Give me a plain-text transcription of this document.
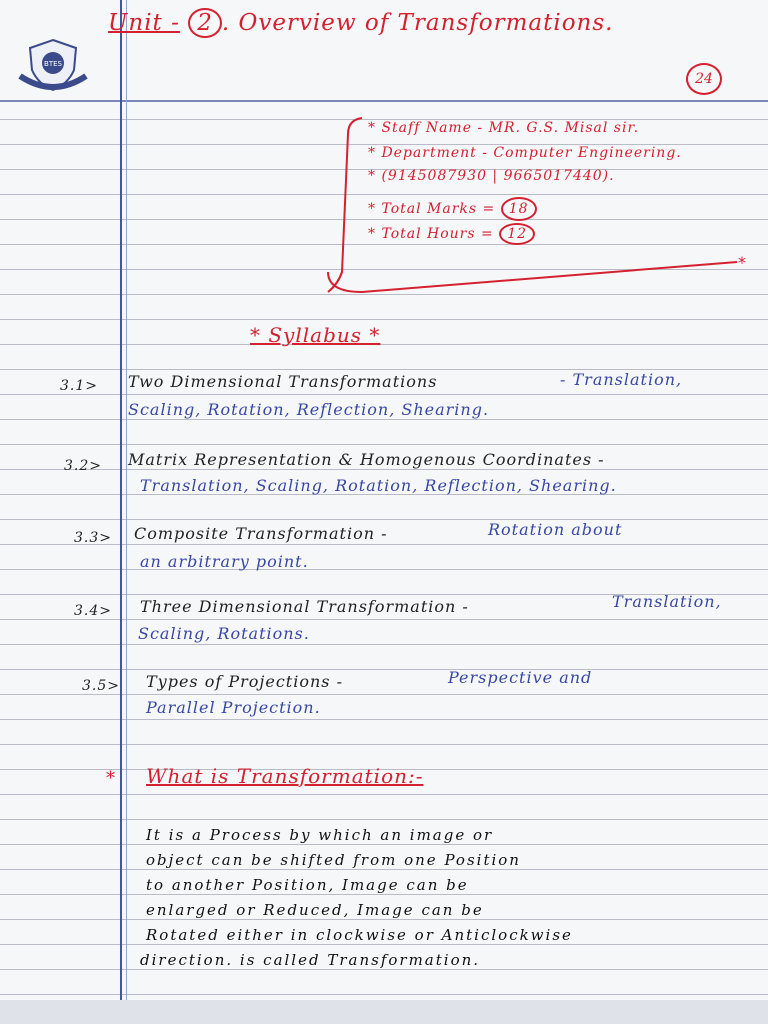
BTES
Unit - 2 . Overview of Transformations.
24
*
* Staff Name - MR. G.S. Misal sir.
* Department - Computer Engineering.
* (9145087930 | 9665017440).
* Total Marks = 18
* Total Hours = 12
* Syllabus *
3.1> Two Dimensional Transformations	- Translation,
Scaling, Rotation, Reflection, Shearing.
3.2> Matrix Representation & Homogenous Coordinates -
Translation, Scaling, Rotation, Reflection, Shearing.
3.3> Composite Transformation -	Rotation about
an arbitrary point.
3.4> Three Dimensional Transformation -	Translation,
Scaling, Rotations.
3.5> Types of Projections -	Perspective and
Parallel Projection.
* What is Transformation:-
It is a Process by which an image or
object can be shifted from one Position
to another Position, Image can be
enlarged or Reduced, Image can be
Rotated either in clockwise or Anticlockwise
direction. is called Transformation.
